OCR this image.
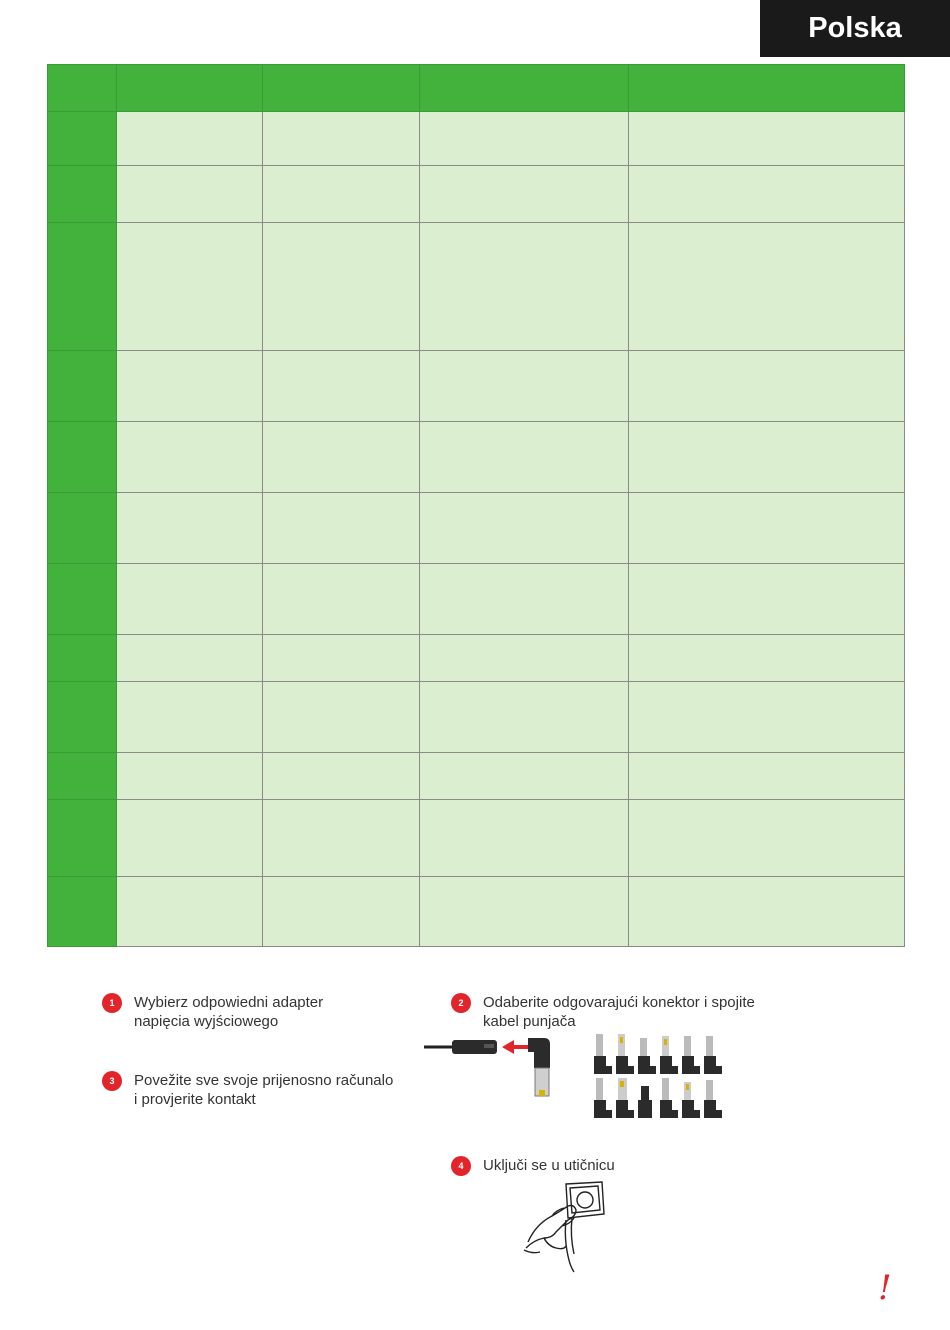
Polska

1	Wybierz odpowiedni adapter
napięcia wyjściowego
2	Odaberite odgovarajući konektor i spojite
kabel punjača
3	Povežite sve svoje prijenosno računalo
i provjerite kontakt
4	Uključi se u utičnicu
!
